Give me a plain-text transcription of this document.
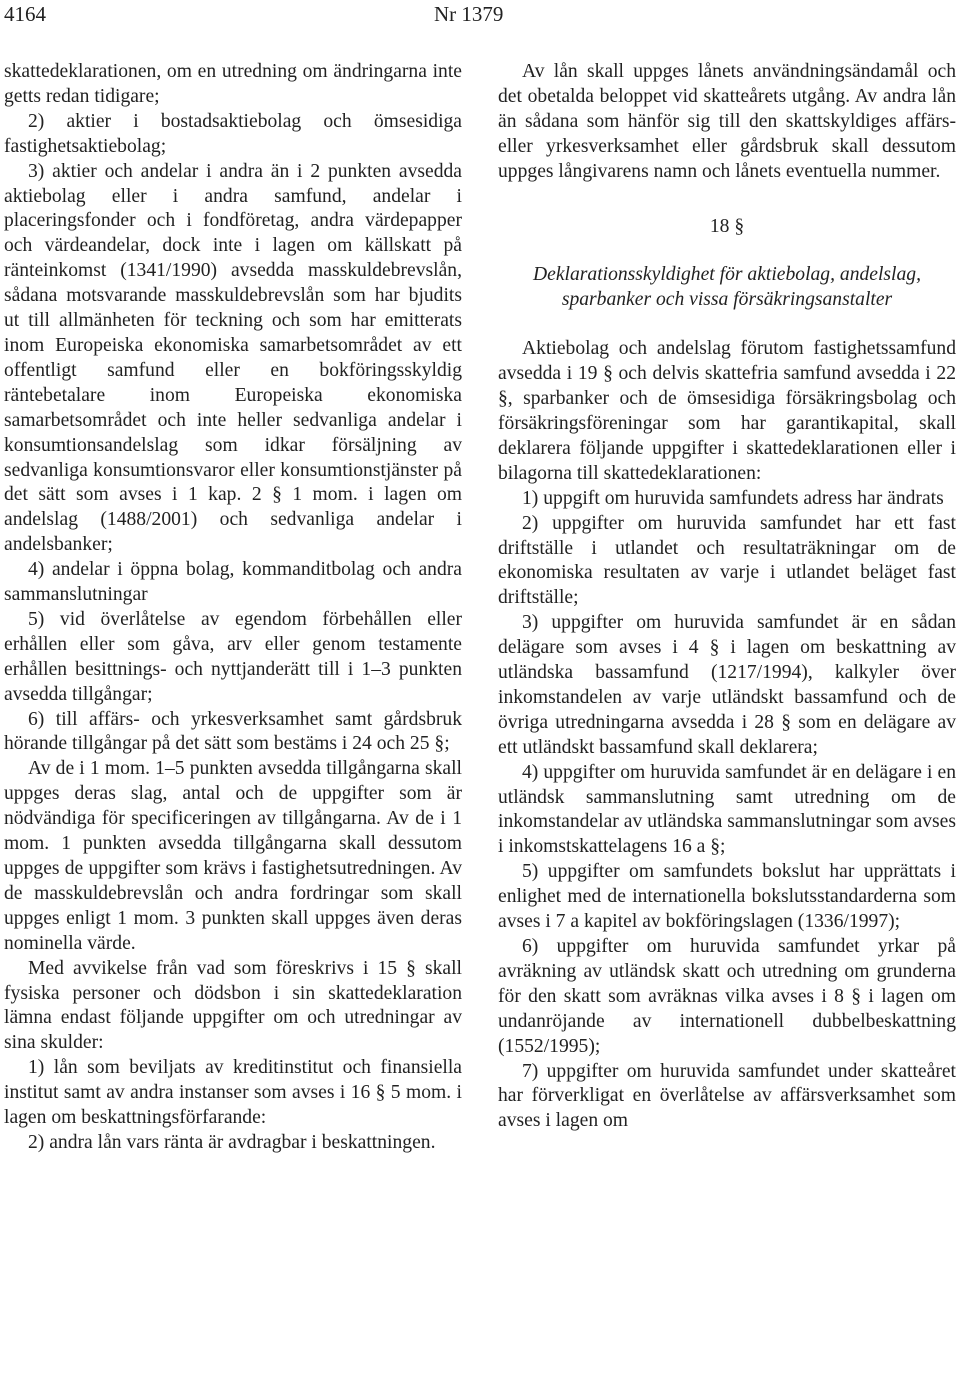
4164	Nr 1379

skattedeklarationen, om en utredning om ändringarna inte getts redan tidigare;

2) aktier i bostadsaktiebolag och ömsesidiga fastighetsaktiebolag;

3) aktier och andelar i andra än i 2 punkten avsedda aktiebolag eller i andra samfund, andelar i placeringsfonder och i fondföretag, andra värdepapper och värdeandelar, dock inte i lagen om källskatt på ränteinkomst (1341/1990) avsedda masskuldebrevslån, sådana motsvarande masskuldebrevslån som har bjudits ut till allmänheten för teckning och som har emitterats inom Europeiska ekonomiska samarbetsområdet av ett offentligt samfund eller en bokföringsskyldig räntebetalare inom Europeiska ekonomiska samarbetsområdet och inte heller sedvanliga andelar i konsumtionsandelslag som idkar försäljning av sedvanliga konsumtionsvaror eller konsumtionstjänster på det sätt som avses i 1 kap. 2 § 1 mom. i lagen om andelslag (1488/2001) och sedvanliga andelar i andelsbanker;

4) andelar i öppna bolag, kommanditbolag och andra sammanslutningar

5) vid överlåtelse av egendom förbehållen eller erhållen eller som gåva, arv eller genom testamente erhållen besittnings- och nyttjanderätt till i 1–3 punkten avsedda tillgångar;

6) till affärs- och yrkesverksamhet samt gårdsbruk hörande tillgångar på det sätt som bestäms i 24 och 25 §;

Av de i 1 mom. 1–5 punkten avsedda tillgångarna skall uppges deras slag, antal och de uppgifter som är nödvändiga för specificeringen av tillgångarna. Av de i 1 mom. 1 punkten avsedda tillgångarna skall dessutom uppges de uppgifter som krävs i fastighetsutredningen. Av de masskuldebrevslån och andra fordringar som skall uppges enligt 1 mom. 3 punkten skall uppges även deras nominella värde.

Med avvikelse från vad som föreskrivs i 15 § skall fysiska personer och dödsbon i sin skattedeklaration lämna endast följande uppgifter om och utredningar av sina skulder:

1) lån som beviljats av kreditinstitut och finansiella institut samt av andra instanser som avses i 16 § 5 mom. i lagen om beskattningsförfarande:

2) andra lån vars ränta är avdragbar i beskattningen.

Av lån skall uppges lånets användningsändamål och det obetalda beloppet vid skatteårets utgång. Av andra lån än sådana som hänför sig till den skattskyldiges affärs- eller yrkesverksamhet eller gårdsbruk skall dessutom uppges långivarens namn och lånets eventuella nummer.

18 §

Deklarationsskyldighet för aktiebolag, andelslag, sparbanker och vissa försäkringsanstalter

Aktiebolag och andelslag förutom fastighetssamfund avsedda i 19 § och delvis skattefria samfund avsedda i 22 §, sparbanker och de ömsesidiga försäkringsbolag och försäkringsföreningar som har garantikapital, skall deklarera följande uppgifter i skattedeklarationen eller i bilagorna till skattedeklarationen:

1) uppgift om huruvida samfundets adress har ändrats

2) uppgifter om huruvida samfundet har ett fast driftställe i utlandet och resultaträkningar om de ekonomiska resultaten av varje i utlandet beläget fast driftställe;

3) uppgifter om huruvida samfundet är en sådan delägare som avses i 4 § i lagen om beskattning av utländska bassamfund (1217/1994), kalkyler över inkomstandelen av varje utländskt bassamfund och de övriga utredningarna avsedda i 28 § som en delägare av ett utländskt bassamfund skall deklarera;

4) uppgifter om huruvida samfundet är en delägare i en utländsk sammanslutning samt utredning om de inkomstandelar av utländska sammanslutningar som avses i inkomstskattelagens 16 a §;

5) uppgifter om samfundets bokslut har upprättats i enlighet med de internationella bokslutsstandarderna som avses i 7 a kapitel av bokföringslagen (1336/1997);

6) uppgifter om huruvida samfundet yrkar på avräkning av utländsk skatt och utredning om grunderna för den skatt som avräknas vilka avses i 8 § i lagen om undanröjande av internationell dubbelbeskattning (1552/1995);

7) uppgifter om huruvida samfundet under skatteåret har förverkligat en överlåtelse av affärsverksamhet som avses i lagen om
